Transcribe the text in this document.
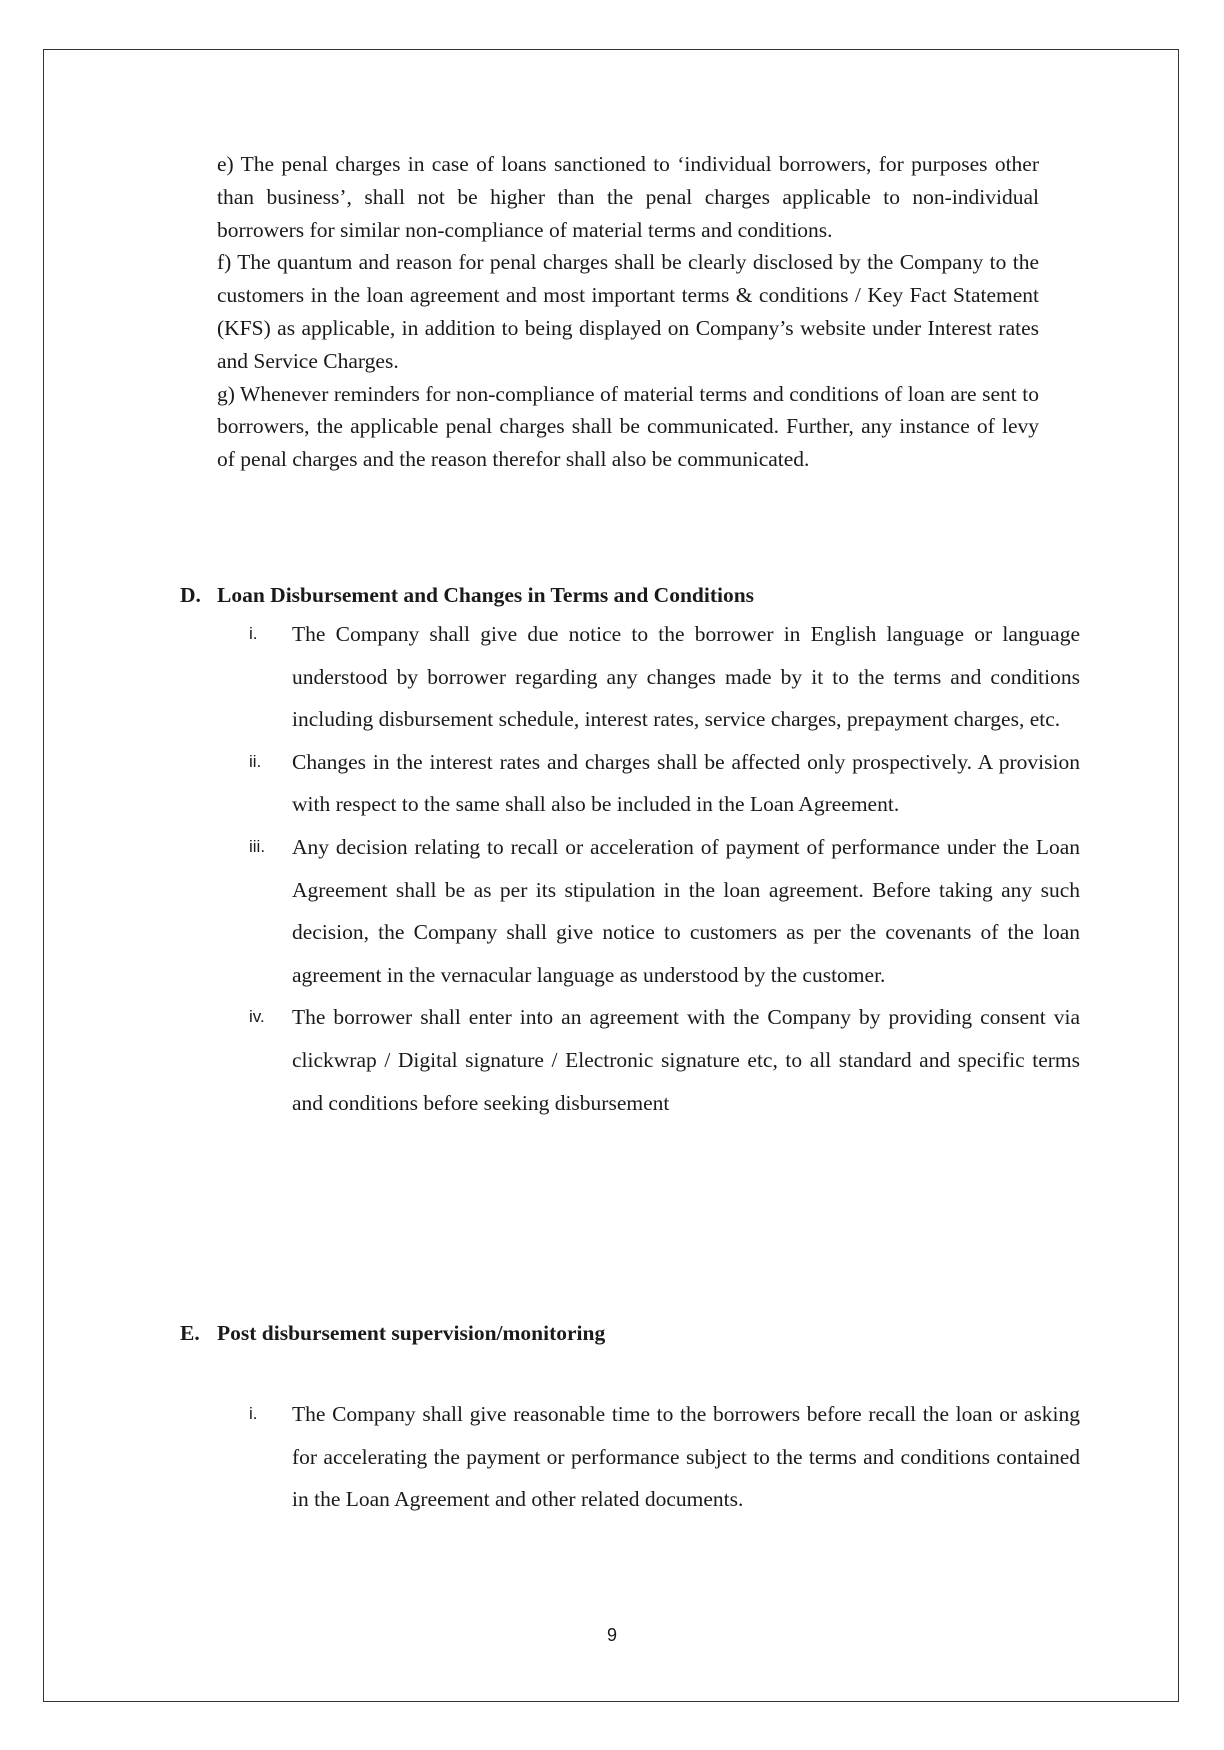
e) The penal charges in case of loans sanctioned to ‘individual borrowers, for purposes other than business’, shall not be higher than the penal charges applicable to non-individual borrowers for similar non-compliance of material terms and conditions.

f) The quantum and reason for penal charges shall be clearly disclosed by the Company to the customers in the loan agreement and most important terms & conditions / Key Fact Statement (KFS) as applicable, in addition to being displayed on Company’s website under Interest rates and Service Charges.

g) Whenever reminders for non-compliance of material terms and conditions of loan are sent to borrowers, the applicable penal charges shall be communicated. Further, any instance of levy of penal charges and the reason therefor shall also be communicated.

D. Loan Disbursement and Changes in Terms and Conditions
i.	The Company shall give due notice to the borrower in English language or language understood by borrower regarding any changes made by it to the terms and conditions including disbursement schedule, interest rates, service charges, prepayment charges, etc.
ii.	Changes in the interest rates and charges shall be affected only prospectively. A provision with respect to the same shall also be included in the Loan Agreement.
iii.	Any decision relating to recall or acceleration of payment of performance under the Loan Agreement shall be as per its stipulation in the loan agreement. Before taking any such decision, the Company shall give notice to customers as per the covenants of the loan agreement in the vernacular language as understood by the customer.
iv.	The borrower shall enter into an agreement with the Company by providing consent via clickwrap / Digital signature / Electronic signature etc, to all standard and specific terms and conditions before seeking disbursement
E. Post disbursement supervision/monitoring
i.	The Company shall give reasonable time to the borrowers before recall the loan or asking for accelerating the payment or performance subject to the terms and conditions contained in the Loan Agreement and other related documents.
9
